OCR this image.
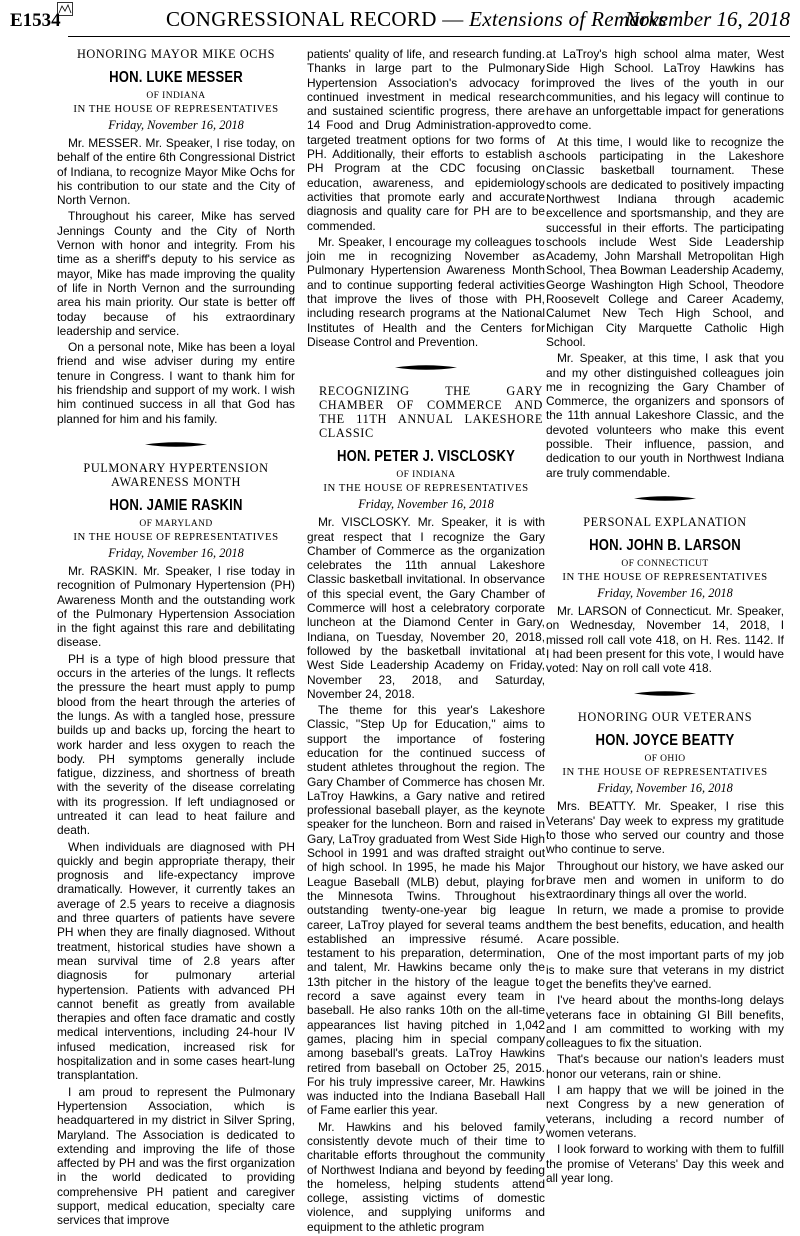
E1534	CONGRESSIONAL RECORD — Extensions of Remarks
November 16, 2018
HONORING MAYOR MIKE OCHS
HON. LUKE MESSER
OF INDIANA
IN THE HOUSE OF REPRESENTATIVES
Friday, November 16, 2018

Mr. MESSER. Mr. Speaker, I rise today, on behalf of the entire 6th Congressional District of Indiana, to recognize Mayor Mike Ochs for his contribution to our state and the City of North Vernon.

Throughout his career, Mike has served Jennings County and the City of North Vernon with honor and integrity. From his time as a sheriff's deputy to his service as mayor, Mike has made improving the quality of life in North Vernon and the surrounding area his main priority. Our state is better off today because of his extraordinary leadership and service.

On a personal note, Mike has been a loyal friend and wise adviser during my entire tenure in Congress. I want to thank him for his friendship and support of my work. I wish him continued success in all that God has planned for him and his family.

PULMONARY HYPERTENSION AWARENESS MONTH
HON. JAMIE RASKIN
OF MARYLAND
IN THE HOUSE OF REPRESENTATIVES
Friday, November 16, 2018

Mr. RASKIN. Mr. Speaker, I rise today in recognition of Pulmonary Hypertension (PH) Awareness Month and the outstanding work of the Pulmonary Hypertension Association in the fight against this rare and debilitating disease.

PH is a type of high blood pressure that occurs in the arteries of the lungs. It reflects the pressure the heart must apply to pump blood from the heart through the arteries of the lungs. As with a tangled hose, pressure builds up and backs up, forcing the heart to work harder and less oxygen to reach the body. PH symptoms generally include fatigue, dizziness, and shortness of breath with the severity of the disease correlating with its progression. If left undiagnosed or untreated it can lead to heat failure and death.

When individuals are diagnosed with PH quickly and begin appropriate therapy, their prognosis and life-expectancy improve dramatically. However, it currently takes an average of 2.5 years to receive a diagnosis and three quarters of patients have severe PH when they are finally diagnosed. Without treatment, historical studies have shown a mean survival time of 2.8 years after diagnosis for pulmonary arterial hypertension. Patients with advanced PH cannot benefit as greatly from available therapies and often face dramatic and costly medical interventions, including 24-hour IV infused medication, increased risk for hospitalization and in some cases heart-lung transplantation.

I am proud to represent the Pulmonary Hypertension Association, which is headquartered in my district in Silver Spring, Maryland. The Association is dedicated to extending and improving the life of those affected by PH and was the first organization in the world dedicated to providing comprehensive PH patient and caregiver support, medical education, specialty care services that improve

patients' quality of life, and research funding. Thanks in large part to the Pulmonary Hypertension Association's advocacy for continued investment in medical research and sustained scientific progress, there are 14 Food and Drug Administration-approved targeted treatment options for two forms of PH. Additionally, their efforts to establish a PH Program at the CDC focusing on education, awareness, and epidemiology activities that promote early and accurate diagnosis and quality care for PH are to be commended.

Mr. Speaker, I encourage my colleagues to join me in recognizing November as Pulmonary Hypertension Awareness Month and to continue supporting federal activities that improve the lives of those with PH, including research programs at the National Institutes of Health and the Centers for Disease Control and Prevention.

RECOGNIZING THE GARY CHAMBER OF COMMERCE AND THE 11TH ANNUAL LAKESHORE CLASSIC
HON. PETER J. VISCLOSKY
OF INDIANA
IN THE HOUSE OF REPRESENTATIVES
Friday, November 16, 2018

Mr. VISCLOSKY. Mr. Speaker, it is with great respect that I recognize the Gary Chamber of Commerce as the organization celebrates the 11th annual Lakeshore Classic basketball invitational. In observance of this special event, the Gary Chamber of Commerce will host a celebratory corporate luncheon at the Diamond Center in Gary, Indiana, on Tuesday, November 20, 2018, followed by the basketball invitational at West Side Leadership Academy on Friday, November 23, 2018, and Saturday, November 24, 2018.

The theme for this year's Lakeshore Classic, ''Step Up for Education,'' aims to support the importance of fostering education for the continued success of student athletes throughout the region. The Gary Chamber of Commerce has chosen Mr. LaTroy Hawkins, a Gary native and retired professional baseball player, as the keynote speaker for the luncheon. Born and raised in Gary, LaTroy graduated from West Side High School in 1991 and was drafted straight out of high school. In 1995, he made his Major League Baseball (MLB) debut, playing for the Minnesota Twins. Throughout his outstanding twenty-one-year big league career, LaTroy played for several teams and established an impressive résumé. A testament to his preparation, determination, and talent, Mr. Hawkins became only the 13th pitcher in the history of the league to record a save against every team in baseball. He also ranks 10th on the all-time appearances list having pitched in 1,042 games, placing him in special company among baseball's greats. LaTroy Hawkins retired from baseball on October 25, 2015. For his truly impressive career, Mr. Hawkins was inducted into the Indiana Baseball Hall of Fame earlier this year.

Mr. Hawkins and his beloved family consistently devote much of their time to charitable efforts throughout the community of Northwest Indiana and beyond by feeding the homeless, helping students attend college, assisting victims of domestic violence, and supplying uniforms and equipment to the athletic program

at LaTroy's high school alma mater, West Side High School. LaTroy Hawkins has improved the lives of the youth in our communities, and his legacy will continue to have an unforgettable impact for generations to come.

At this time, I would like to recognize the schools participating in the Lakeshore Classic basketball tournament. These schools are dedicated to positively impacting Northwest Indiana through academic excellence and sportsmanship, and they are successful in their efforts. The participating schools include West Side Leadership Academy, John Marshall Metropolitan High School, Thea Bowman Leadership Academy, George Washington High School, Theodore Roosevelt College and Career Academy, Calumet New Tech High School, and Michigan City Marquette Catholic High School.

Mr. Speaker, at this time, I ask that you and my other distinguished colleagues join me in recognizing the Gary Chamber of Commerce, the organizers and sponsors of the 11th annual Lakeshore Classic, and the devoted volunteers who make this event possible. Their influence, passion, and dedication to our youth in Northwest Indiana are truly commendable.

PERSONAL EXPLANATION
HON. JOHN B. LARSON
OF CONNECTICUT
IN THE HOUSE OF REPRESENTATIVES
Friday, November 16, 2018

Mr. LARSON of Connecticut. Mr. Speaker, on Wednesday, November 14, 2018, I missed roll call vote 418, on H. Res. 1142. If I had been present for this vote, I would have voted: Nay on roll call vote 418.

HONORING OUR VETERANS
HON. JOYCE BEATTY
OF OHIO
IN THE HOUSE OF REPRESENTATIVES
Friday, November 16, 2018

Mrs. BEATTY. Mr. Speaker, I rise this Veterans' Day week to express my gratitude to those who served our country and those who continue to serve.

Throughout our history, we have asked our brave men and women in uniform to do extraordinary things all over the world.

In return, we made a promise to provide them the best benefits, education, and health care possible.

One of the most important parts of my job is to make sure that veterans in my district get the benefits they've earned.

I've heard about the months-long delays veterans face in obtaining GI Bill benefits, and I am committed to working with my colleagues to fix the situation.

That's because our nation's leaders must honor our veterans, rain or shine.

I am happy that we will be joined in the next Congress by a new generation of veterans, including a record number of women veterans.

I look forward to working with them to fulfill the promise of Veterans' Day this week and all year long.
